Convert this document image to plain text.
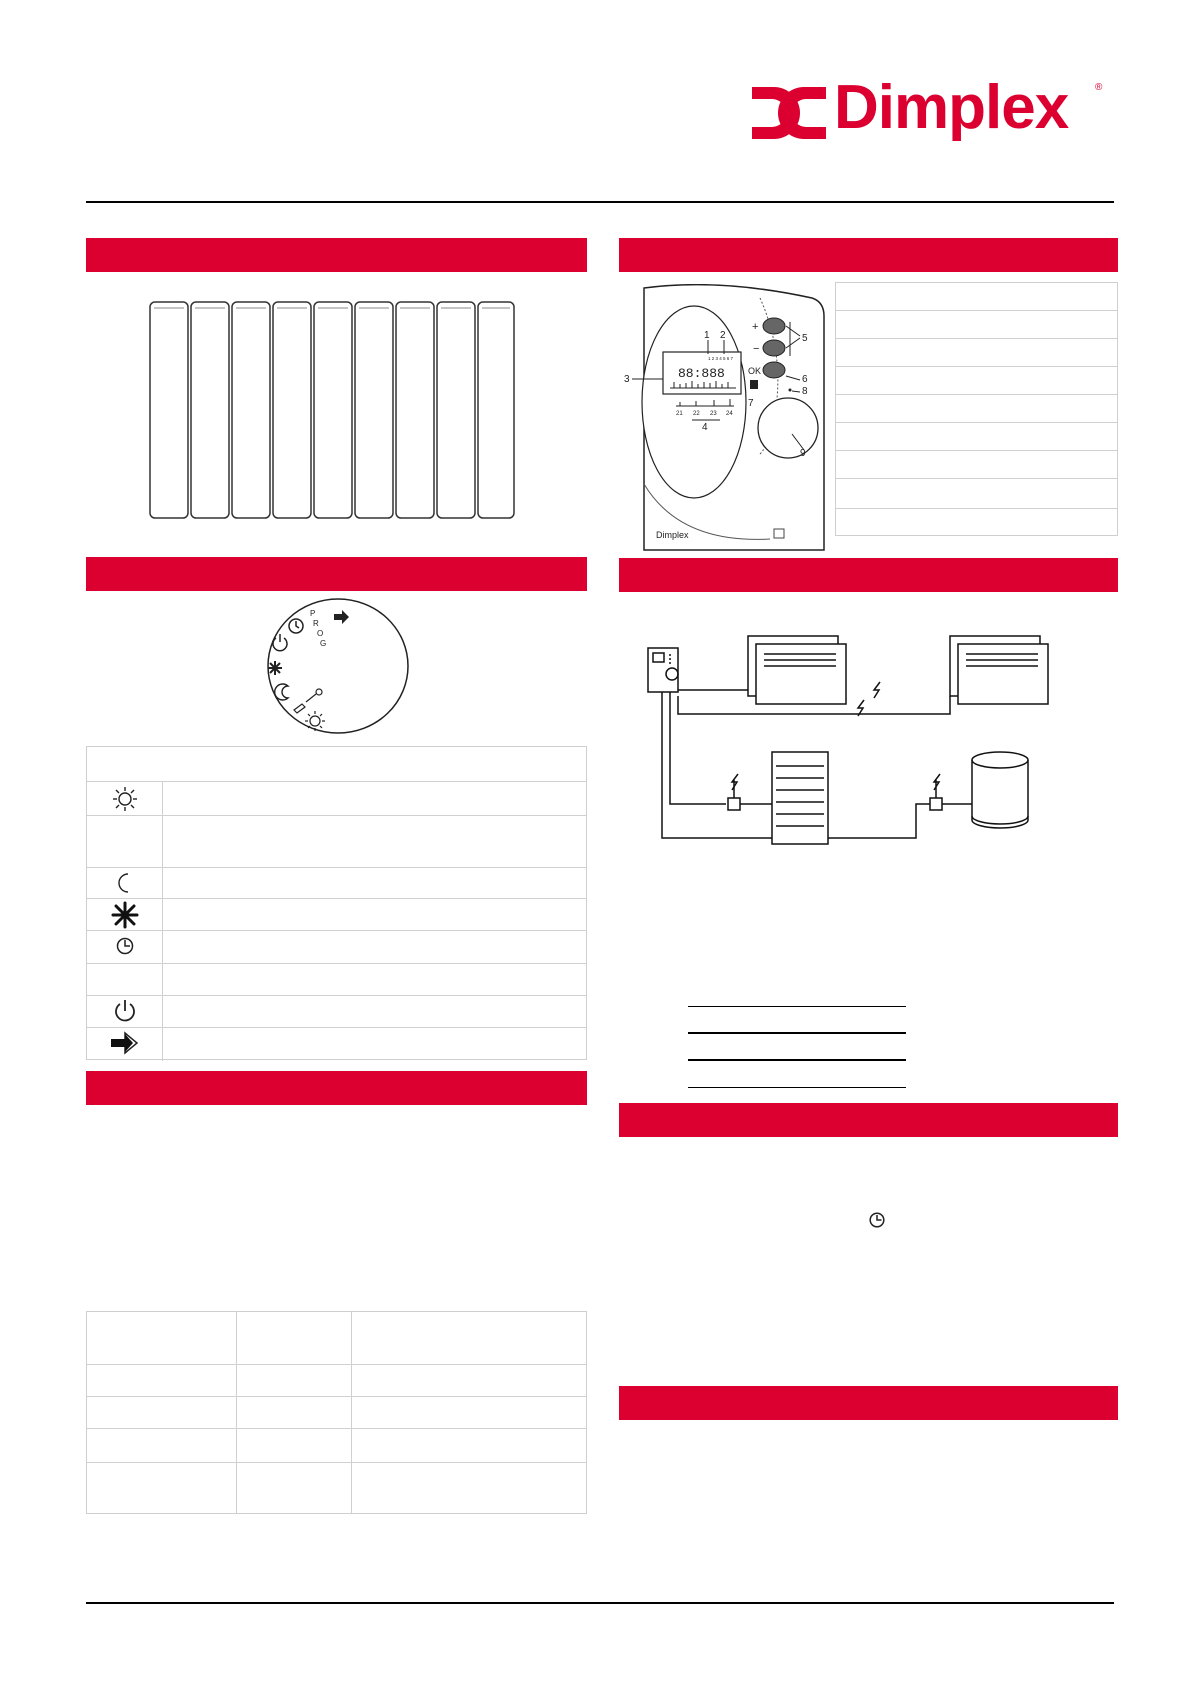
Dimplex	®
88:888
1 2 3 4 5 6 7
21 22 23 24
1 2
3
4
+
−
OK
5
6
8
7
9
Dimplex
P
R
O
G
